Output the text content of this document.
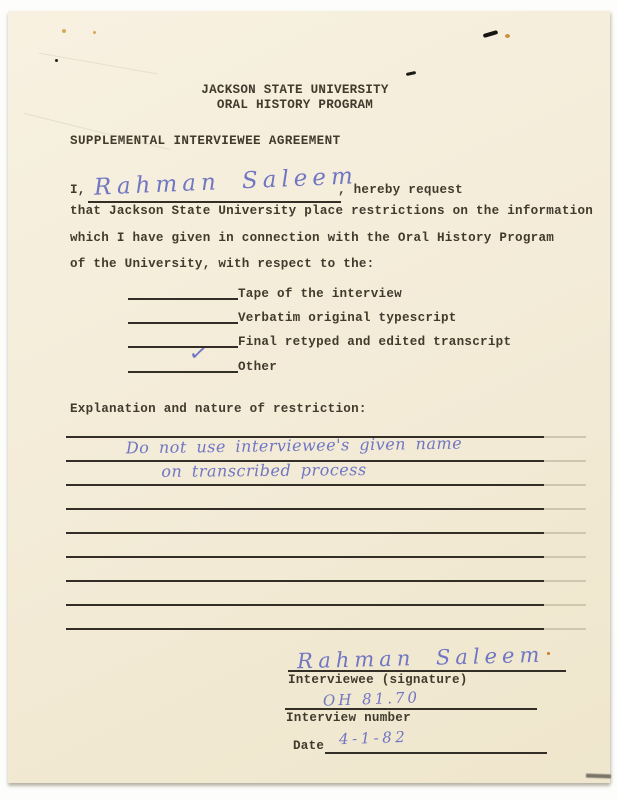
JACKSON STATE UNIVERSITY
ORAL HISTORY PROGRAM
SUPPLEMENTAL INTERVIEWEE AGREEMENT
I, Rahman Saleem
, hereby request
that Jackson State University place restrictions on the information
which I have given in connection with the Oral History Program
of the University, with respect to the:
Tape of the interview
Verbatim original typescript
Final retyped and edited transcript
Other
✓
Explanation and nature of restriction:
Do not use interviewee's given name
on transcribed process
Rahman Saleem
Interviewee (signature)
OH 81.70
Interview number
Date 4-1-82
